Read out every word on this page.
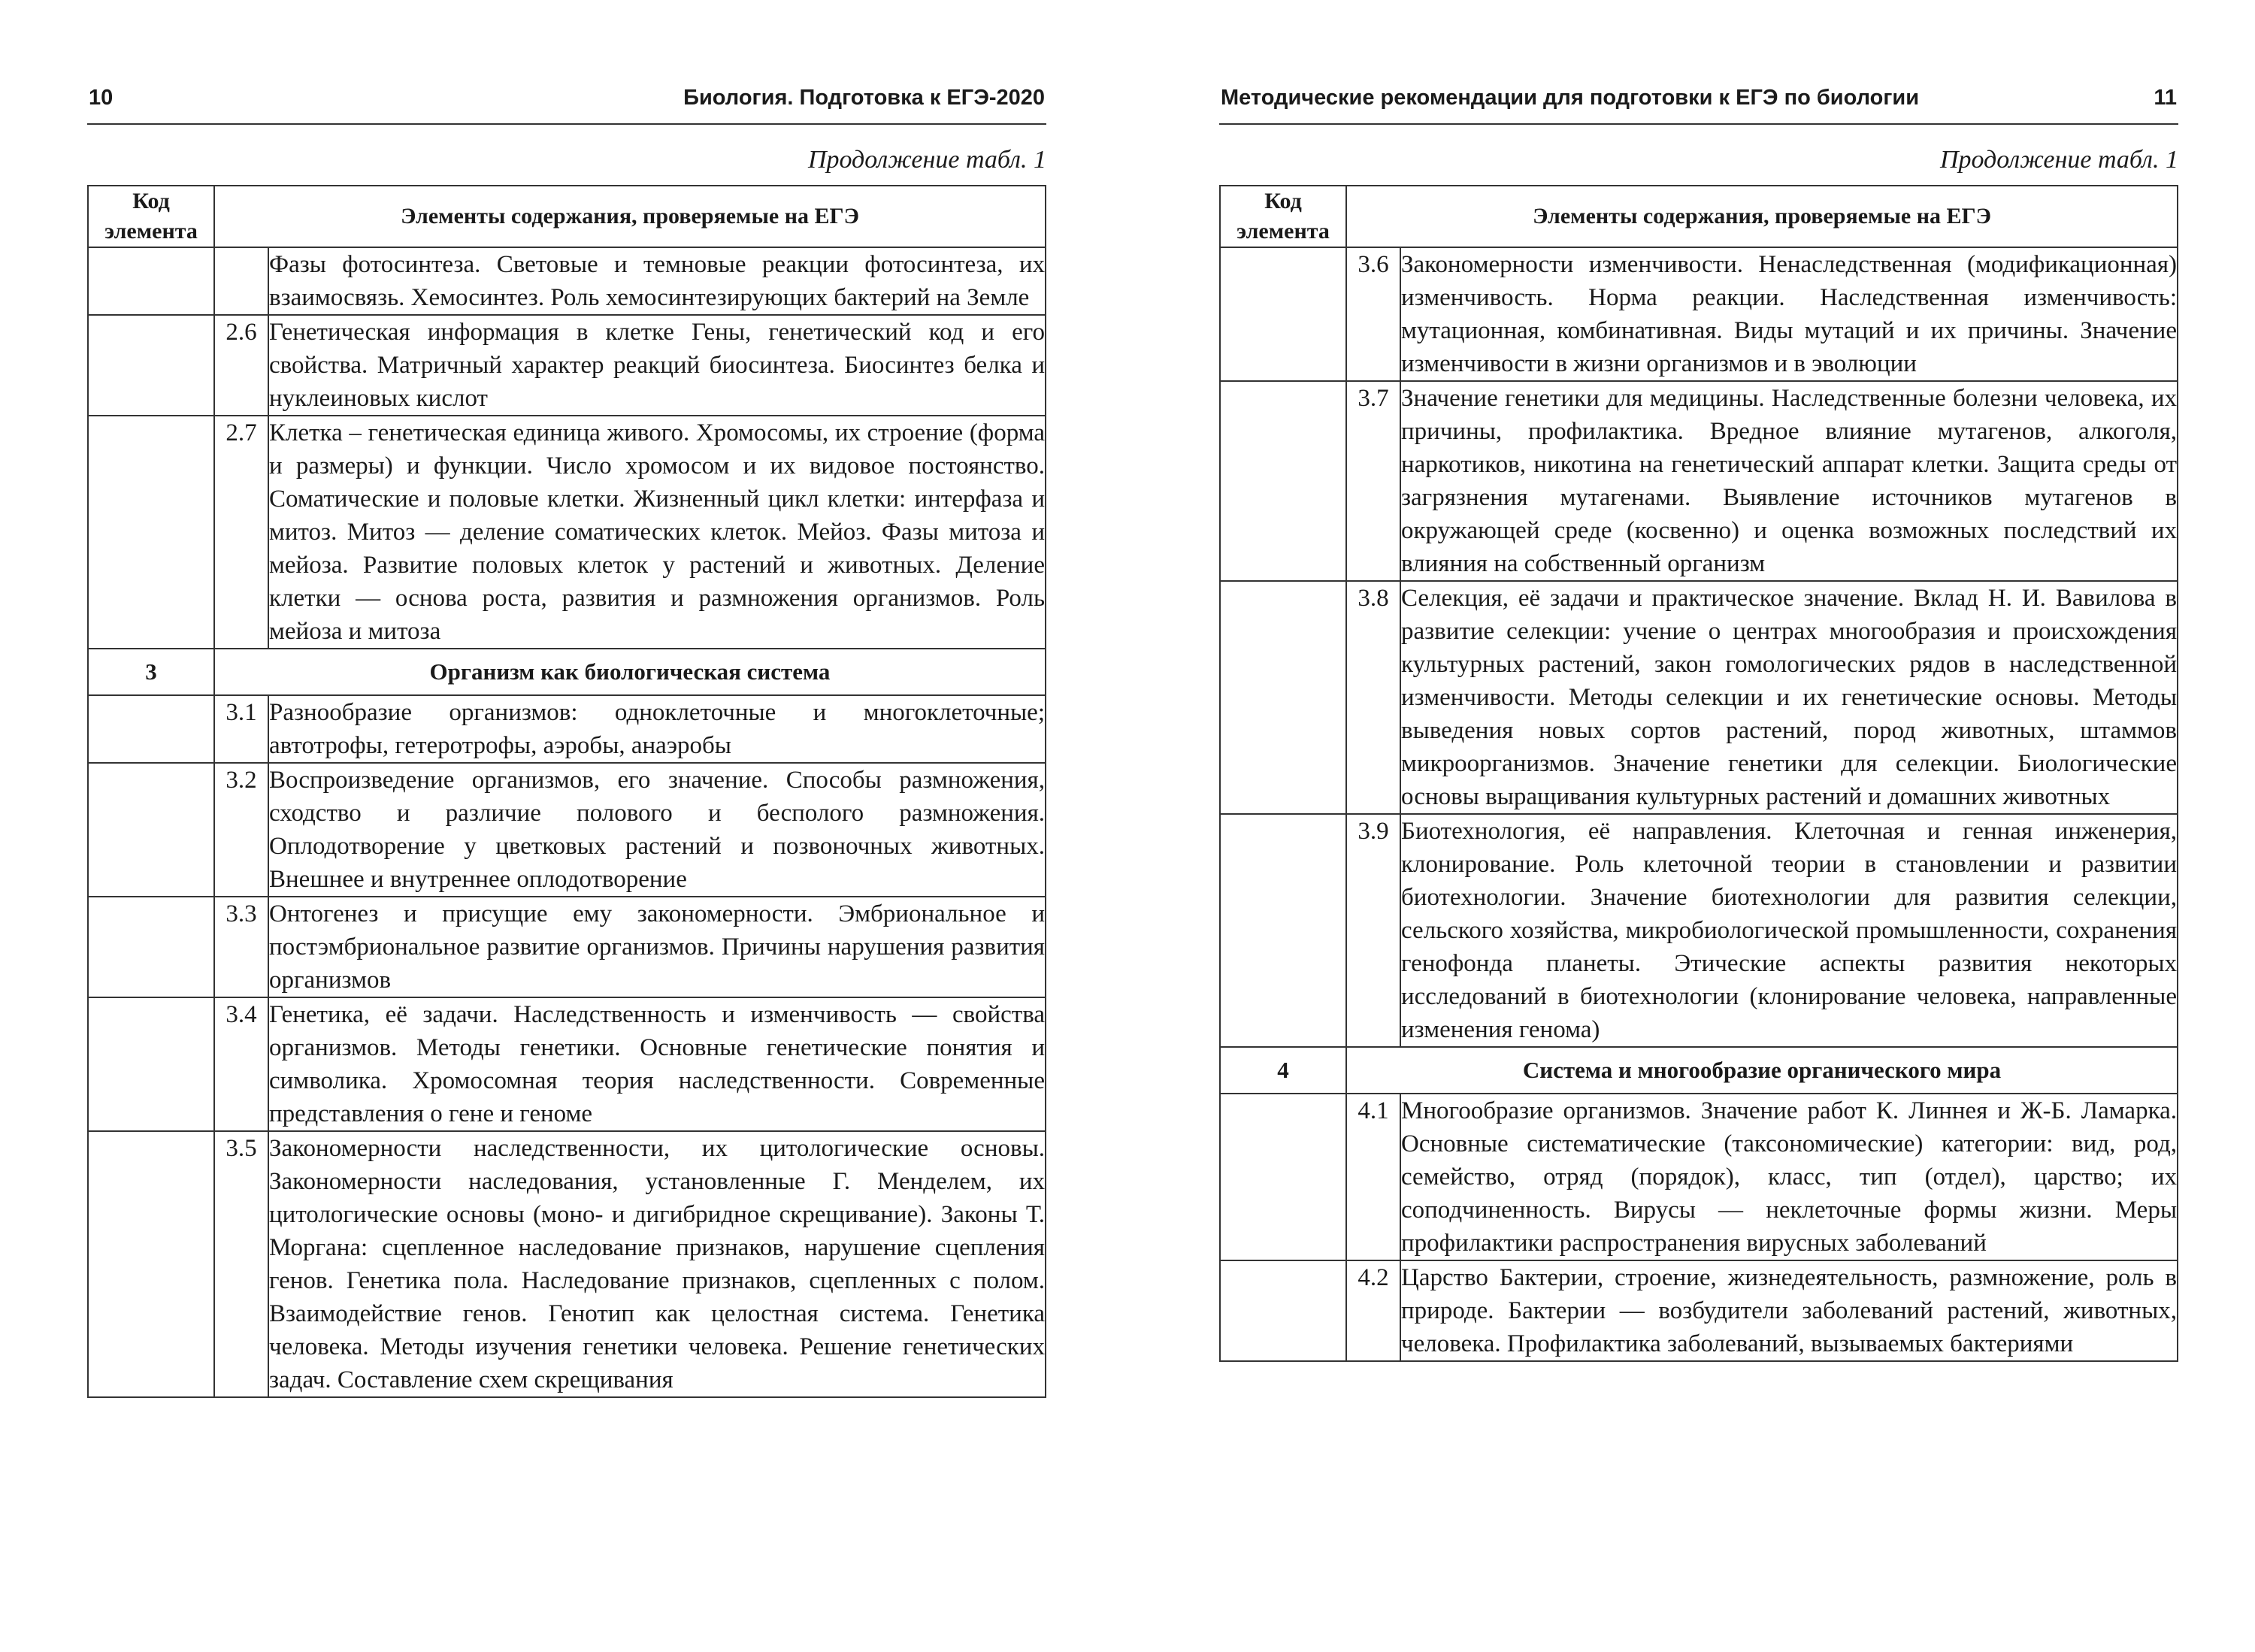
10	Биология. Подготовка к ЕГЭ-2020
Продолжение табл. 1
Код элемента	Элементы содержания, проверяемые на ЕГЭ	
		Фазы фотосинтеза. Световые и темновые реакции фотосинтеза, их взаимосвязь. Хемосинтез. Роль хемосинтезирующих бактерий на Земле
	2.6	Генетическая информация в клетке Гены, генетический код и его свойства. Матричный характер реакций биосинтеза. Биосинтез белка и нуклеиновых кислот
	2.7	Клетка – генетическая единица живого. Хромосомы, их строение (форма и размеры) и функции. Число хромосом и их видовое постоянство. Соматические и половые клетки. Жизненный цикл клетки: интерфаза и митоз. Митоз — деление соматических клеток. Мейоз. Фазы митоза и мейоза. Развитие половых клеток у растений и животных. Деление клетки — основа роста, развития и размножения организмов. Роль мейоза и митоза
3	Организм как биологическая система	
	3.1	Разнообразие организмов: одноклеточные и многоклеточные; автотрофы, гетеротрофы, аэробы, анаэробы
	3.2	Воспроизведение организмов, его значение. Способы размножения, сходство и различие полового и бесполого размножения. Оплодотворение у цветковых растений и позвоночных животных. Внешнее и внутреннее оплодотворение
	3.3	Онтогенез и присущие ему закономерности. Эмбриональное и постэмбриональное развитие организмов. Причины нарушения развития организмов
	3.4	Генетика, её задачи. Наследственность и изменчивость — свойства организмов. Методы генетики. Основные генетические понятия и символика. Хромосомная теория наследственности. Современные представления о гене и геноме
	3.5	Закономерности наследственности, их цитологические основы. Закономерности наследования, установленные Г. Менделем, их цитологические основы (моно- и дигибридное скрещивание). Законы Т. Моргана: сцепленное наследование признаков, нарушение сцепления генов. Генетика пола. Наследование признаков, сцепленных с полом. Взаимодействие генов. Генотип как целостная система. Генетика человека. Методы изучения генетики человека. Решение генетических задач. Составление схем скрещивания
Методические рекомендации для подготовки к ЕГЭ по биологии	11
Продолжение табл. 1
Код элемента	Элементы содержания, проверяемые на ЕГЭ	
	3.6	Закономерности изменчивости. Ненаследственная (модификационная) изменчивость. Норма реакции. Наследственная изменчивость: мутационная, комбинативная. Виды мутаций и их причины. Значение изменчивости в жизни организмов и в эволюции
	3.7	Значение генетики для медицины. Наследственные болезни человека, их причины, профилактика. Вредное влияние мутагенов, алкоголя, наркотиков, никотина на генетический аппарат клетки. Защита среды от загрязнения мутагенами. Выявление источников мутагенов в окружающей среде (косвенно) и оценка возможных последствий их влияния на собственный организм
	3.8	Селекция, её задачи и практическое значение. Вклад Н. И. Вавилова в развитие селекции: учение о центрах многообразия и происхождения культурных растений, закон гомологических рядов в наследственной изменчивости. Методы селекции и их генетические основы. Методы выведения новых сортов растений, пород животных, штаммов микроорганизмов. Значение генетики для селекции. Биологические основы выращивания культурных растений и домашних животных
	3.9	Биотехнология, её направления. Клеточная и генная инженерия, клонирование. Роль клеточной теории в становлении и развитии биотехнологии. Значение биотехнологии для развития селекции, сельского хозяйства, микробиологической промышленности, сохранения генофонда планеты. Этические аспекты развития некоторых исследований в биотехнологии (клонирование человека, направленные изменения генома)
4	Система и многообразие органического мира	
	4.1	Многообразие организмов. Значение работ К. Линнея и Ж-Б. Ламарка. Основные систематические (таксономические) категории: вид, род, семейство, отряд (порядок), класс, тип (отдел), царство; их соподчиненность. Вирусы — неклеточные формы жизни. Меры профилактики распространения вирусных заболеваний
	4.2	Царство Бактерии, строение, жизнедеятельность, размножение, роль в природе. Бактерии — возбудители заболеваний растений, животных, человека. Профилактика заболеваний, вызываемых бактериями
